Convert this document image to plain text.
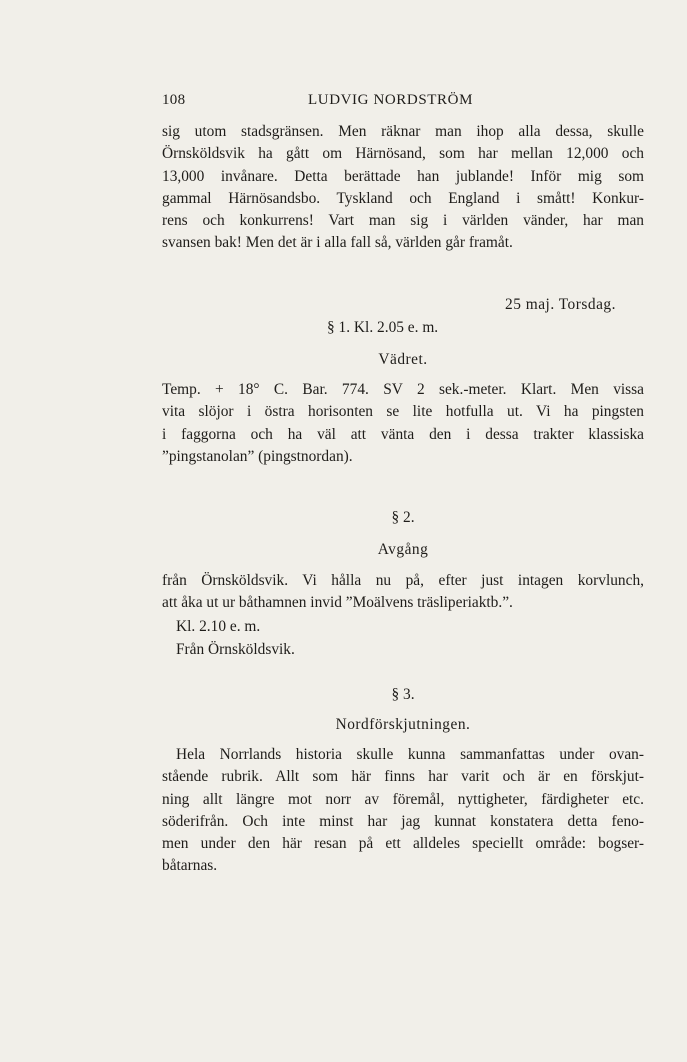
108	LUDVIG NORDSTRÖM
sig utom stadsgränsen. Men räknar man ihop alla dessa, skulle
Örnsköldsvik ha gått om Härnösand, som har mellan 12,000 och
13,000 invånare. Detta berättade han jublande! Inför mig som
gammal Härnösandsbo. Tyskland och England i smått! Konkur-
rens och konkurrens! Vart man sig i världen vänder, har man
svansen bak! Men det är i alla fall så, världen går framåt.
25 maj. Torsdag.
§ 1. Kl. 2.05 e. m.
Vädret.
Temp. + 18° C. Bar. 774. SV 2 sek.-meter. Klart. Men vissa
vita slöjor i östra horisonten se lite hotfulla ut. Vi ha pingsten
i faggorna och ha väl att vänta den i dessa trakter klassiska
”pingstanolan” (pingstnordan).
§ 2.
Avgång
från Örnsköldsvik. Vi hålla nu på, efter just intagen korvlunch,
att åka ut ur båthamnen invid ”Moälvens träsliperiaktb.”.
Kl. 2.10 e. m.
Från Örnsköldsvik.
§ 3.
Nordförskjutningen.
Hela Norrlands historia skulle kunna sammanfattas under ovan-
stående rubrik. Allt som här finns har varit och är en förskjut-
ning allt längre mot norr av föremål, nyttigheter, färdigheter etc.
söderifrån. Och inte minst har jag kunnat konstatera detta feno-
men under den här resan på ett alldeles speciellt område: bogser-
båtarnas.
